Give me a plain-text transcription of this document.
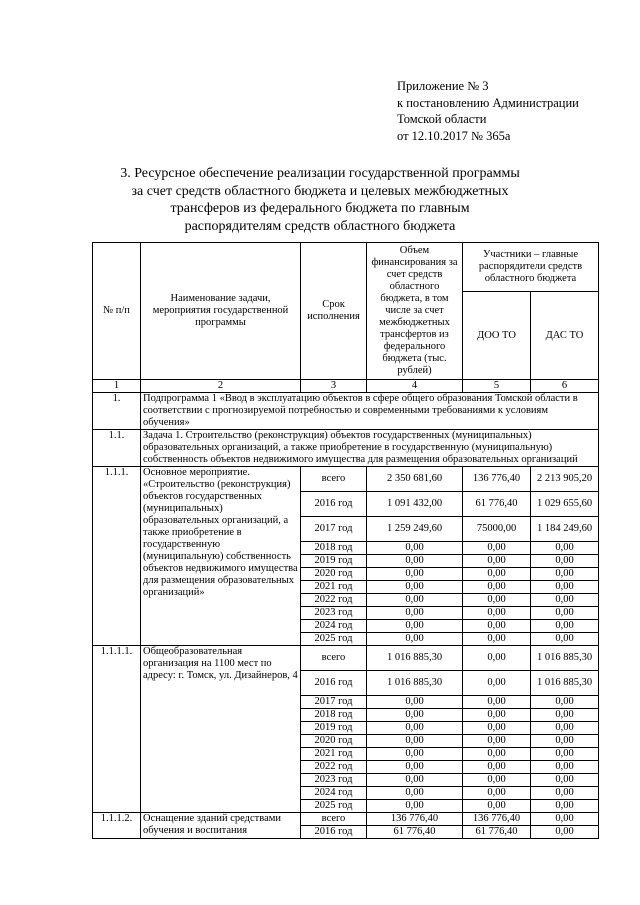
Приложение № 3
к постановлению Администрации
Томской области
от 12.10.2017 № 365а
3. Ресурсное обеспечение реализации государственной программы
за счет средств областного бюджета и целевых межбюджетных
трансферов из федерального бюджета по главным
распорядителям средств областного бюджета
№ п/п	Наименование задачи, мероприятия государственной программы	Срок исполнения	Объем финансирования за счет средств областного бюджета, в том числе за счет межбюджетных трансфертов из федерального бюджета (тыс. рублей)	Участники – главные распорядители средств областного бюджета	
				ДОО ТО	ДАС ТО
1	2	3	4	5	6
1.	Подпрограмма 1 «Ввод в эксплуатацию объектов в сфере общего образования Томской области в соответствии с прогнозируемой потребностью и современными требованиями к условиям обучения»				
1.1.	Задача 1. Строительство (реконструкция) объектов государственных (муниципальных) образовательных организаций, а также приобретение в государственную (муниципальную) собственность объектов недвижимого имущества для размещения образовательных организаций				
1.1.1.	Основное мероприятие. «Строительство (реконструкция) объектов государственных (муниципальных) образовательных организаций, а также приобретение в государственную (муниципальную) собственность объектов недвижимого имущества для размещения образовательных организаций»	всего	2 350 681,60	136 776,40	2 213 905,20
		2016 год	1 091 432,00	61 776,40	1 029 655,60
		2017 год	1 259 249,60	75000,00	1 184 249,60
		2018 год	0,00	0,00	0,00
		2019 год	0,00	0,00	0,00
		2020 год	0,00	0,00	0,00
		2021 год	0,00	0,00	0,00
		2022 год	0,00	0,00	0,00
		2023 год	0,00	0,00	0,00
		2024 год	0,00	0,00	0,00
		2025 год	0,00	0,00	0,00
1.1.1.1.	Общеобразовательная организация на 1100 мест по адресу: г. Томск, ул. Дизайнеров, 4	всего	1 016 885,30	0,00	1 016 885,30
		2016 год	1 016 885,30	0,00	1 016 885,30
		2017 год	0,00	0,00	0,00
		2018 год	0,00	0,00	0,00
		2019 год	0,00	0,00	0,00
		2020 год	0,00	0,00	0,00
		2021 год	0,00	0,00	0,00
		2022 год	0,00	0,00	0,00
		2023 год	0,00	0,00	0,00
		2024 год	0,00	0,00	0,00
		2025 год	0,00	0,00	0,00
1.1.1.2.	Оснащение зданий средствами обучения и воспитания	всего	136 776,40	136 776,40	0,00
		2016 год	61 776,40	61 776,40	0,00
